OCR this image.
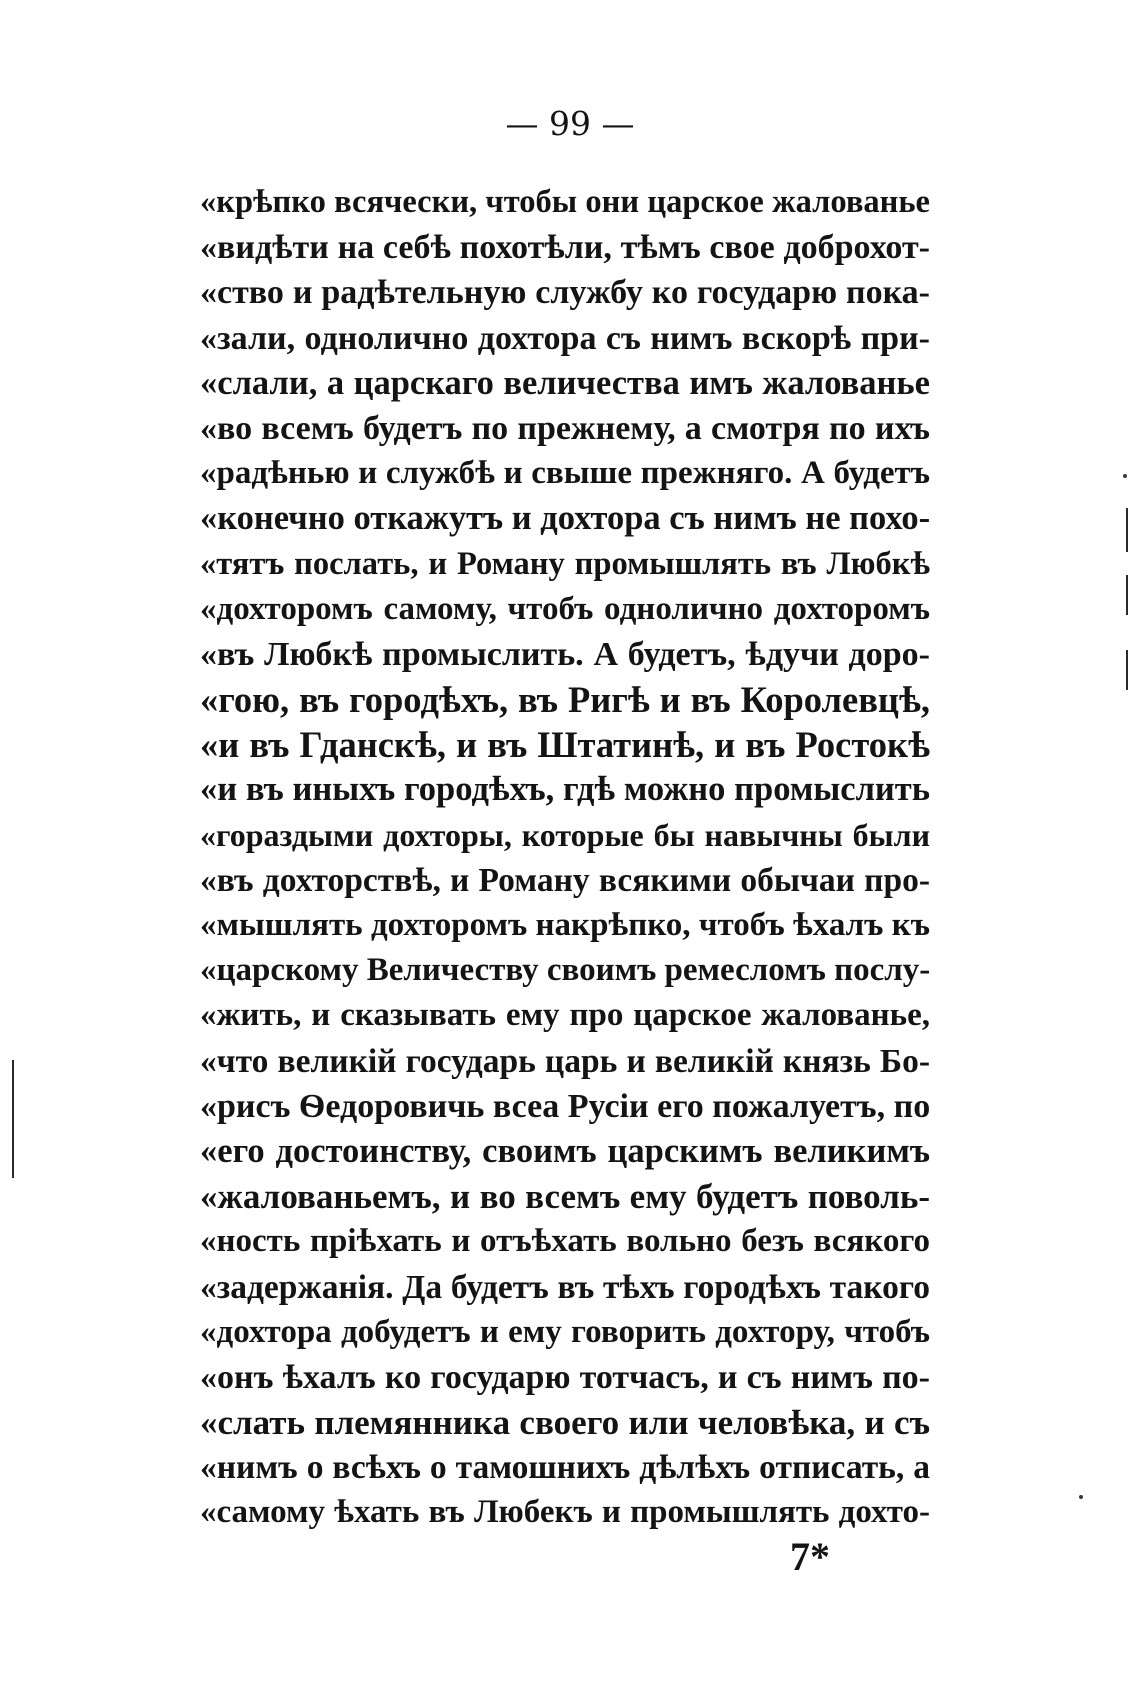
— 99 —
«крѣпко всячески, чтобы они царское жалованье
«видѣти на себѣ похотѣли, тѣмъ свое доброхот-
«ство и радѣтельную службу ко государю пока-
«зали, однолично дохтора съ нимъ вскорѣ при-
«слали, а царскаго величества имъ жалованье
«во всемъ будетъ по прежнему, а смотря по ихъ
«радѣнью и службѣ и свыше прежняго. А будетъ
«конечно откажутъ и дохтора съ нимъ не похо-
«тятъ послать, и Роману промышлять въ Любкѣ
«дохторомъ самому, чтобъ однолично дохторомъ
«въ Любкѣ промыслить. А будетъ, ѣдучи доро-
«гою, въ городѣхъ, въ Ригѣ и въ Королевцѣ,
«и въ Гданскѣ, и въ Штатинѣ, и въ Ростокѣ
«и въ иныхъ городѣхъ, гдѣ можно промыслить
«гораздыми дохторы, которые бы навычны были
«въ дохторствѣ, и Роману всякими обычаи про-
«мышлять дохторомъ накрѣпко, чтобъ ѣхалъ къ
«царскому Величеству своимъ ремесломъ послу-
«жить, и сказывать ему про царское жалованье,
«что великій государь царь и великій князь Бо-
«рисъ Ѳедоровичь всеа Русіи его пожалуетъ, по
«его достоинству, своимъ царскимъ великимъ
«жалованьемъ, и во всемъ ему будетъ поволь-
«ность пріѣхать и отъѣхать вольно безъ всякого
«задержанія. Да будетъ въ тѣхъ городѣхъ такого
«дохтора добудетъ и ему говорить дохтору, чтобъ
«онъ ѣхалъ ко государю тотчасъ, и съ нимъ по-
«слать племянника своего или человѣка, и съ
«нимъ о всѣхъ о тамошнихъ дѣлѣхъ отписать, а
«самому ѣхать въ Любекъ и промышлять дохто-
7*
